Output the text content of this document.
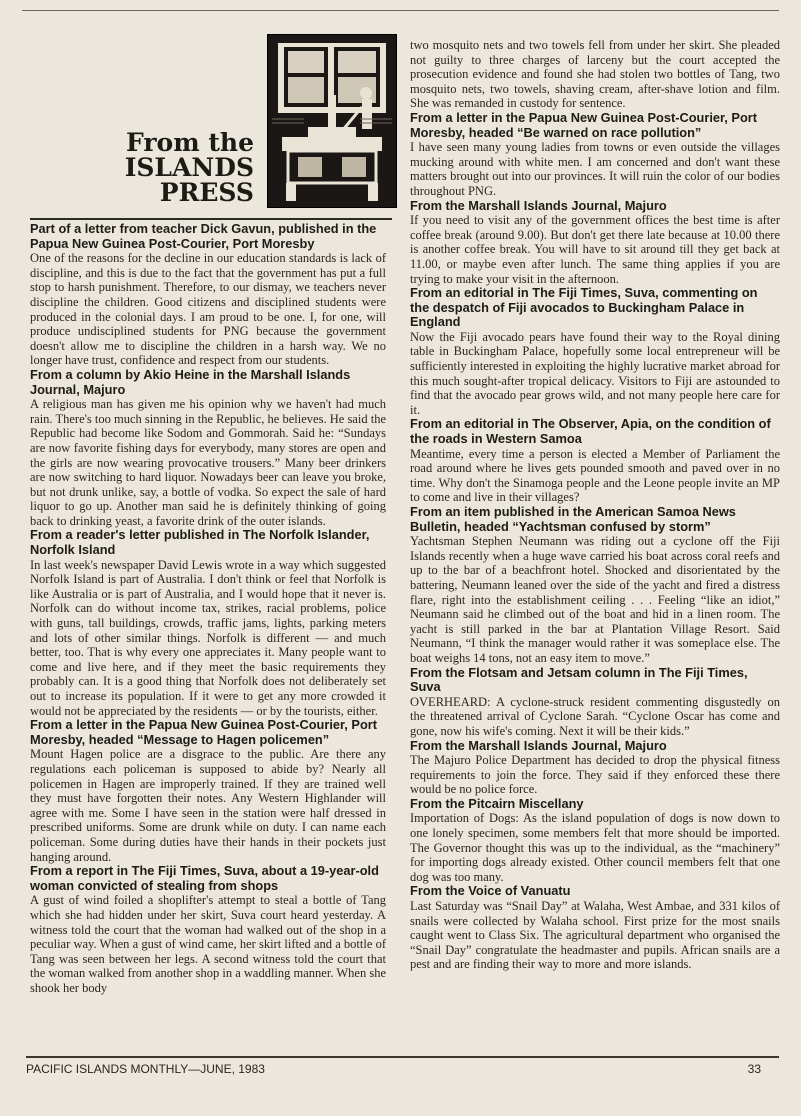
From the
ISLANDS
PRESS

Part of a letter from teacher Dick Gavun, published in the Papua New Guinea Post-Courier, Port Moresby

One of the reasons for the decline in our education standards is lack of discipline, and this is due to the fact that the government has put a full stop to harsh punishment. Therefore, to our dismay, we teachers never discipline the children. Good citizens and disciplined students were produced in the colonial days. I am proud to be one. I, for one, will produce undisciplined students for PNG because the government doesn't allow me to discipline the children in a harsh way. We no longer have trust, confidence and respect from our students.

From a column by Akio Heine in the Marshall Islands Journal, Majuro

A religious man has given me his opinion why we haven't had much rain. There's too much sinning in the Republic, he believes. He said the Republic had become like Sodom and Gommorah. Said he: “Sundays are now favorite fishing days for everybody, many stores are open and the girls are now wearing provocative trousers.” Many beer drinkers are now switching to hard liquor. Nowadays beer can leave you broke, but not drunk unlike, say, a bottle of vodka. So expect the sale of hard liquor to go up. Another man said he is definitely thinking of going back to drinking yeast, a favorite drink of the outer islands.

From a reader's letter published in The Norfolk Islander, Norfolk Island

In last week's newspaper David Lewis wrote in a way which suggested Norfolk Island is part of Australia. I don't think or feel that Norfolk is like Australia or is part of Australia, and I would hope that it never is. Norfolk can do without income tax, strikes, racial problems, police with guns, tall buildings, crowds, traffic jams, lights, parking meters and lots of other similar things. Norfolk is different — and much better, too. That is why every one appreciates it. Many people want to come and live here, and if they meet the basic requirements they probably can. It is a good thing that Norfolk does not deliberately set out to increase its population. If it were to get any more crowded it would not be appreciated by the residents — or by the tourists, either.

From a letter in the Papua New Guinea Post-Courier, Port Moresby, headed “Message to Hagen policemen”

Mount Hagen police are a disgrace to the public. Are there any regulations each policeman is supposed to abide by? Nearly all policemen in Hagen are improperly trained. If they are trained well they must have forgotten their notes. Any Western Highlander will agree with me. Some I have seen in the station were half dressed in prescribed uniforms. Some are drunk while on duty. I can name each policeman. Some during duties have their hands in their pockets just hanging around.

From a report in The Fiji Times, Suva, about a 19-year-old woman convicted of stealing from shops

A gust of wind foiled a shoplifter's attempt to steal a bottle of Tang which she had hidden under her skirt, Suva court heard yesterday. A witness told the court that the woman had walked out of the shop in a peculiar way. When a gust of wind came, her skirt lifted and a bottle of Tang was seen between her legs. A second witness told the court that the woman walked from another shop in a waddling manner. When she shook her body

two mosquito nets and two towels fell from under her skirt. She pleaded not guilty to three charges of larceny but the court accepted the prosecution evidence and found she had stolen two bottles of Tang, two mosquito nets, two towels, shaving cream, after-shave lotion and film. She was remanded in custody for sentence.

From a letter in the Papua New Guinea Post-Courier, Port Moresby, headed “Be warned on race pollution”

I have seen many young ladies from towns or even outside the villages mucking around with white men. I am concerned and don't want these matters brought out into our provinces. It will ruin the color of our bodies throughout PNG.

From the Marshall Islands Journal, Majuro

If you need to visit any of the government offices the best time is after coffee break (around 9.00). But don't get there late because at 10.00 there is another coffee break. You will have to sit around till they get back at 11.00, or maybe even after lunch. The same thing applies if you are trying to make your visit in the afternoon.

From an editorial in The Fiji Times, Suva, commenting on the despatch of Fiji avocados to Buckingham Palace in England

Now the Fiji avocado pears have found their way to the Royal dining table in Buckingham Palace, hopefully some local entrepreneur will be sufficiently interested in exploiting the highly lucrative market abroad for this much sought-after tropical delicacy. Visitors to Fiji are astounded to find that the avocado pear grows wild, and not many people here care for it.

From an editorial in The Observer, Apia, on the condition of the roads in Western Samoa

Meantime, every time a person is elected a Member of Parliament the road around where he lives gets pounded smooth and paved over in no time. Why don't the Sinamoga people and the Leone people invite an MP to come and live in their villages?

From an item published in the American Samoa News Bulletin, headed “Yachtsman confused by storm”

Yachtsman Stephen Neumann was riding out a cyclone off the Fiji Islands recently when a huge wave carried his boat across coral reefs and up to the bar of a beachfront hotel. Shocked and disorientated by the battering, Neumann leaned over the side of the yacht and fired a distress flare, right into the establishment ceiling . . . Feeling “like an idiot,” Neumann said he climbed out of the boat and hid in a linen room. The yacht is still parked in the bar at Plantation Village Resort. Said Neumann, “I think the manager would rather it was someplace else. The boat weighs 14 tons, not an easy item to move.”

From the Flotsam and Jetsam column in The Fiji Times, Suva

OVERHEARD: A cyclone-struck resident commenting disgustedly on the threatened arrival of Cyclone Sarah. “Cyclone Oscar has come and gone, now his wife's coming. Next it will be their kids.”

From the Marshall Islands Journal, Majuro

The Majuro Police Department has decided to drop the physical fitness requirements to join the force. They said if they enforced these there would be no police force.

From the Pitcairn Miscellany

Importation of Dogs: As the island population of dogs is now down to one lonely specimen, some members felt that more should be imported. The Governor thought this was up to the individual, as the “machinery” for importing dogs already existed. Other council members felt that one dog was too many.

From the Voice of Vanuatu

Last Saturday was “Snail Day” at Walaha, West Ambae, and 331 kilos of snails were collected by Walaha school. First prize for the most snails caught went to Class Six. The agricultural department who organised the “Snail Day” congratulate the headmaster and pupils. African snails are a pest and are finding their way to more and more islands.

PACIFIC ISLANDS MONTHLY—JUNE, 1983	33
